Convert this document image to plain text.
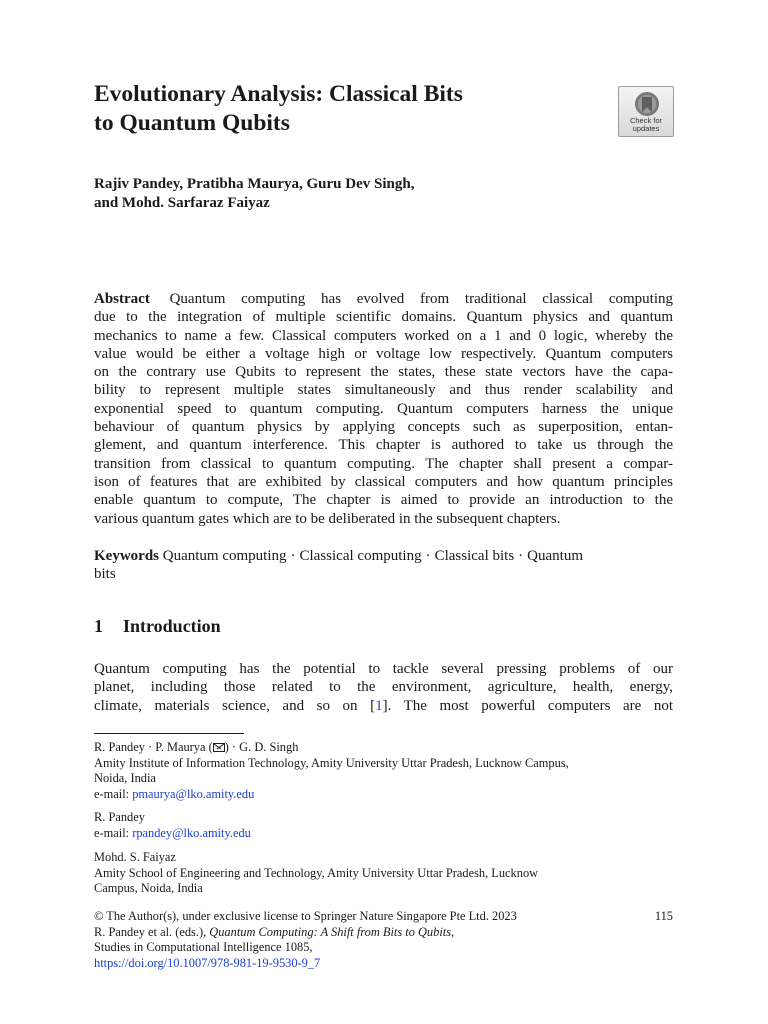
Evolutionary Analysis: Classical Bits
to Quantum Qubits	Check for
updates
Rajiv Pandey, Pratibha Maurya, Guru Dev Singh,
and Mohd. Sarfaraz Faiyaz
Abstract Quantum computing has evolved from traditional classical computing
due to the integration of multiple scientific domains. Quantum physics and quantum
mechanics to name a few. Classical computers worked on a 1 and 0 logic, whereby the
value would be either a voltage high or voltage low respectively. Quantum computers
on the contrary use Qubits to represent the states, these state vectors have the capa-
bility to represent multiple states simultaneously and thus render scalability and
exponential speed to quantum computing. Quantum computers harness the unique
behaviour of quantum physics by applying concepts such as superposition, entan-
glement, and quantum interference. This chapter is authored to take us through the
transition from classical to quantum computing. The chapter shall present a compar-
ison of features that are exhibited by classical computers and how quantum principles
enable quantum to compute, The chapter is aimed to provide an introduction to the
various quantum gates which are to be deliberated in the subsequent chapters.
Keywords Quantum computing · Classical computing · Classical bits · Quantum
bits
1 Introduction
Quantum computing has the potential to tackle several pressing problems of our
planet, including those related to the environment, agriculture, health, energy,
climate, materials science, and so on [1]. The most powerful computers are not
R. Pandey · P. Maurya ( ) · G. D. Singh
Amity Institute of Information Technology, Amity University Uttar Pradesh, Lucknow Campus,
Noida, India
e-mail: pmaurya@lko.amity.edu
R. Pandey
e-mail: rpandey@lko.amity.edu
Mohd. S. Faiyaz
Amity School of Engineering and Technology, Amity University Uttar Pradesh, Lucknow
Campus, Noida, India
115
© The Author(s), under exclusive license to Springer Nature Singapore Pte Ltd. 2023
R. Pandey et al. (eds.), Quantum Computing: A Shift from Bits to Qubits,
Studies in Computational Intelligence 1085,
https://doi.org/10.1007/978-981-19-9530-9_7
